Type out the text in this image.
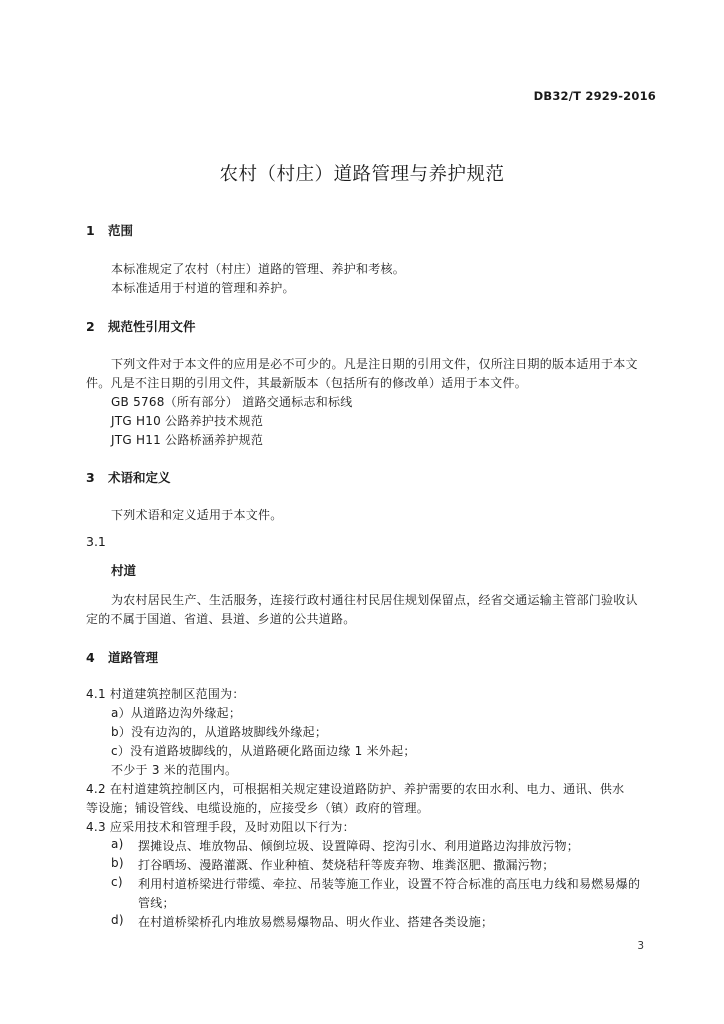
DB32/T 2929-2016
农村（村庄）道路管理与养护规范
1 范围
本标准规定了农村（村庄）道路的管理、养护和考核。
本标准适用于村道的管理和养护。
2 规范性引用文件
下列文件对于本文件的应用是必不可少的。凡是注日期的引用文件，仅所注日期的版本适用于本文
件。凡是不注日期的引用文件，其最新版本（包括所有的修改单）适用于本文件。
GB 5768（所有部分） 道路交通标志和标线
JTG H10 公路养护技术规范
JTG H11 公路桥涵养护规范
3 术语和定义
下列术语和定义适用于本文件。
3.1
村道
为农村居民生产、生活服务，连接行政村通往村民居住规划保留点，经省交通运输主管部门验收认
定的不属于国道、省道、县道、乡道的公共道路。
4 道路管理
4.1 村道建筑控制区范围为：
a）从道路边沟外缘起；
b）没有边沟的，从道路坡脚线外缘起；
c）没有道路坡脚线的，从道路硬化路面边缘 1 米外起；
不少于 3 米的范围内。
4.2 在村道建筑控制区内，可根据相关规定建设道路防护、养护需要的农田水利、电力、通讯、供水
等设施；铺设管线、电缆设施的，应接受乡（镇）政府的管理。
4.3 应采用技术和管理手段，及时劝阻以下行为：
a) 摆摊设点、堆放物品、倾倒垃圾、设置障碍、挖沟引水、利用道路边沟排放污物；
b) 打谷晒场、漫路灌溉、作业种植、焚烧秸秆等废弃物、堆粪沤肥、撒漏污物；
c) 利用村道桥梁进行带缆、牵拉、吊装等施工作业，设置不符合标准的高压电力线和易燃易爆的
管线；
d) 在村道桥梁桥孔内堆放易燃易爆物品、明火作业、搭建各类设施；
3
